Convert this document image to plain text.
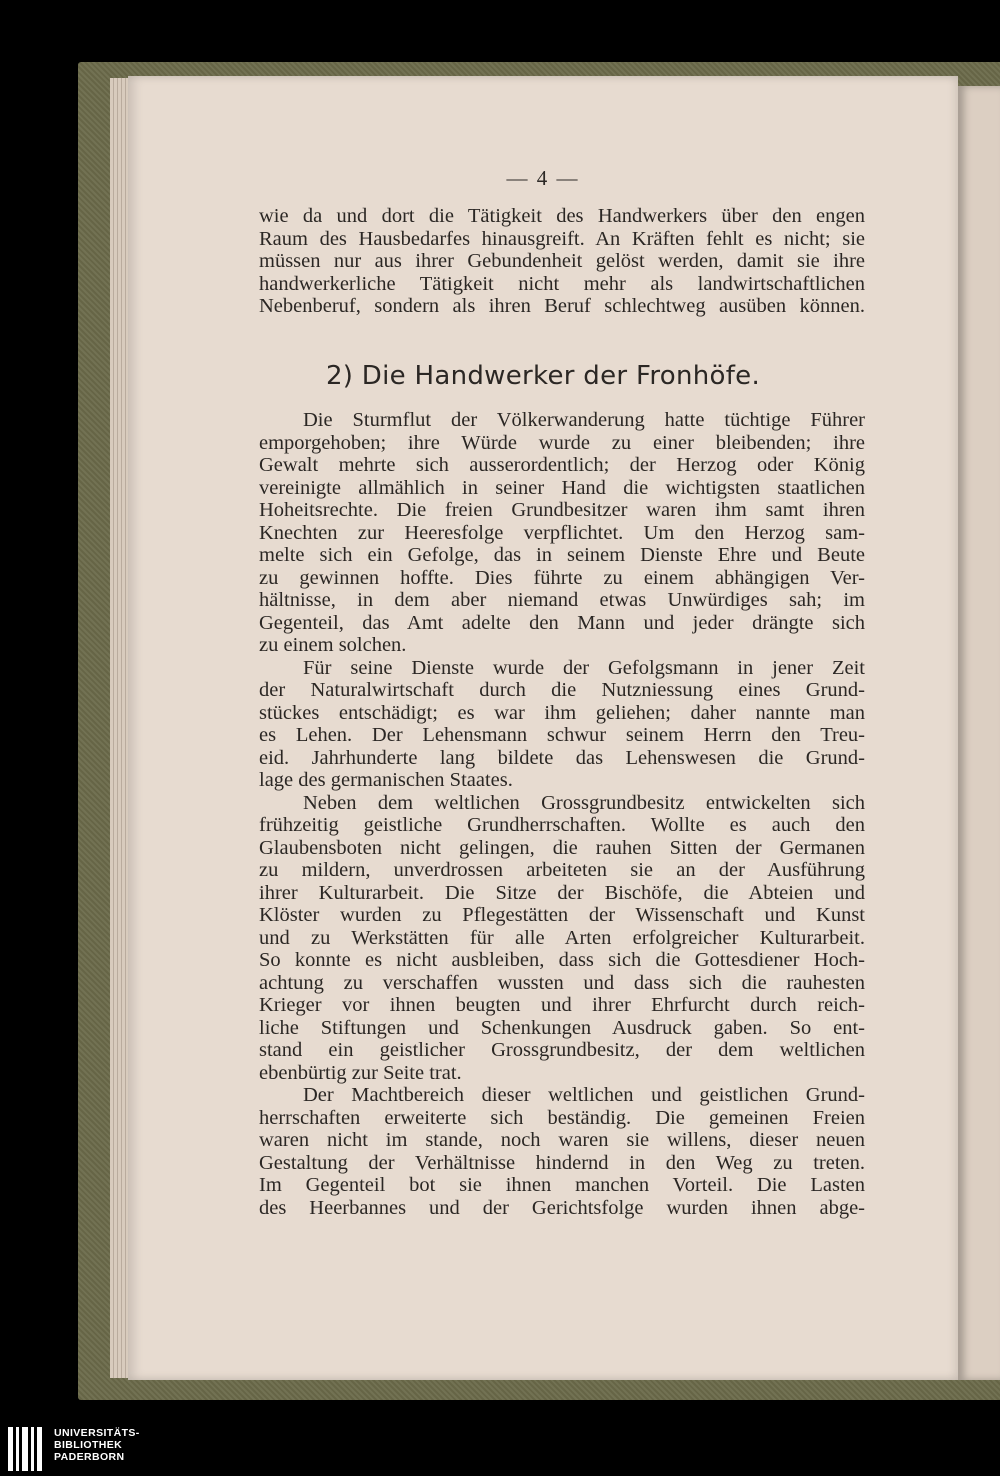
— 4 —
wie da und dort die Tätigkeit des Handwerkers über den engen
Raum des Hausbedarfes hinausgreift. An Kräften fehlt es nicht; sie
müssen nur aus ihrer Gebundenheit gelöst werden, damit sie ihre
handwerkerliche Tätigkeit nicht mehr als landwirtschaftlichen
Nebenberuf, sondern als ihren Beruf schlechtweg ausüben können.
2) Die Handwerker der Fronhöfe.
Die Sturmflut der Völkerwanderung hatte tüchtige Führer
emporgehoben; ihre Würde wurde zu einer bleibenden; ihre
Gewalt mehrte sich ausserordentlich; der Herzog oder König
vereinigte allmählich in seiner Hand die wichtigsten staatlichen
Hoheitsrechte. Die freien Grundbesitzer waren ihm samt ihren
Knechten zur Heeresfolge verpflichtet. Um den Herzog sam-
melte sich ein Gefolge, das in seinem Dienste Ehre und Beute
zu gewinnen hoffte. Dies führte zu einem abhängigen Ver-
hältnisse, in dem aber niemand etwas Unwürdiges sah; im
Gegenteil, das Amt adelte den Mann und jeder drängte sich
zu einem solchen.
Für seine Dienste wurde der Gefolgsmann in jener Zeit
der Naturalwirtschaft durch die Nutzniessung eines Grund-
stückes entschädigt; es war ihm geliehen; daher nannte man
es Lehen. Der Lehensmann schwur seinem Herrn den Treu-
eid. Jahrhunderte lang bildete das Lehenswesen die Grund-
lage des germanischen Staates.
Neben dem weltlichen Grossgrundbesitz entwickelten sich
frühzeitig geistliche Grundherrschaften. Wollte es auch den
Glaubensboten nicht gelingen, die rauhen Sitten der Germanen
zu mildern, unverdrossen arbeiteten sie an der Ausführung
ihrer Kulturarbeit. Die Sitze der Bischöfe, die Abteien und
Klöster wurden zu Pflegestätten der Wissenschaft und Kunst
und zu Werkstätten für alle Arten erfolgreicher Kulturarbeit.
So konnte es nicht ausbleiben, dass sich die Gottesdiener Hoch-
achtung zu verschaffen wussten und dass sich die rauhesten
Krieger vor ihnen beugten und ihrer Ehrfurcht durch reich-
liche Stiftungen und Schenkungen Ausdruck gaben. So ent-
stand ein geistlicher Grossgrundbesitz, der dem weltlichen
ebenbürtig zur Seite trat.
Der Machtbereich dieser weltlichen und geistlichen Grund-
herrschaften erweiterte sich beständig. Die gemeinen Freien
waren nicht im stande, noch waren sie willens, dieser neuen
Gestaltung der Verhältnisse hindernd in den Weg zu treten.
Im Gegenteil bot sie ihnen manchen Vorteil. Die Lasten
des Heerbannes und der Gerichtsfolge wurden ihnen abge-
UNIVERSITÄTS-
BIBLIOTHEK
PADERBORN
